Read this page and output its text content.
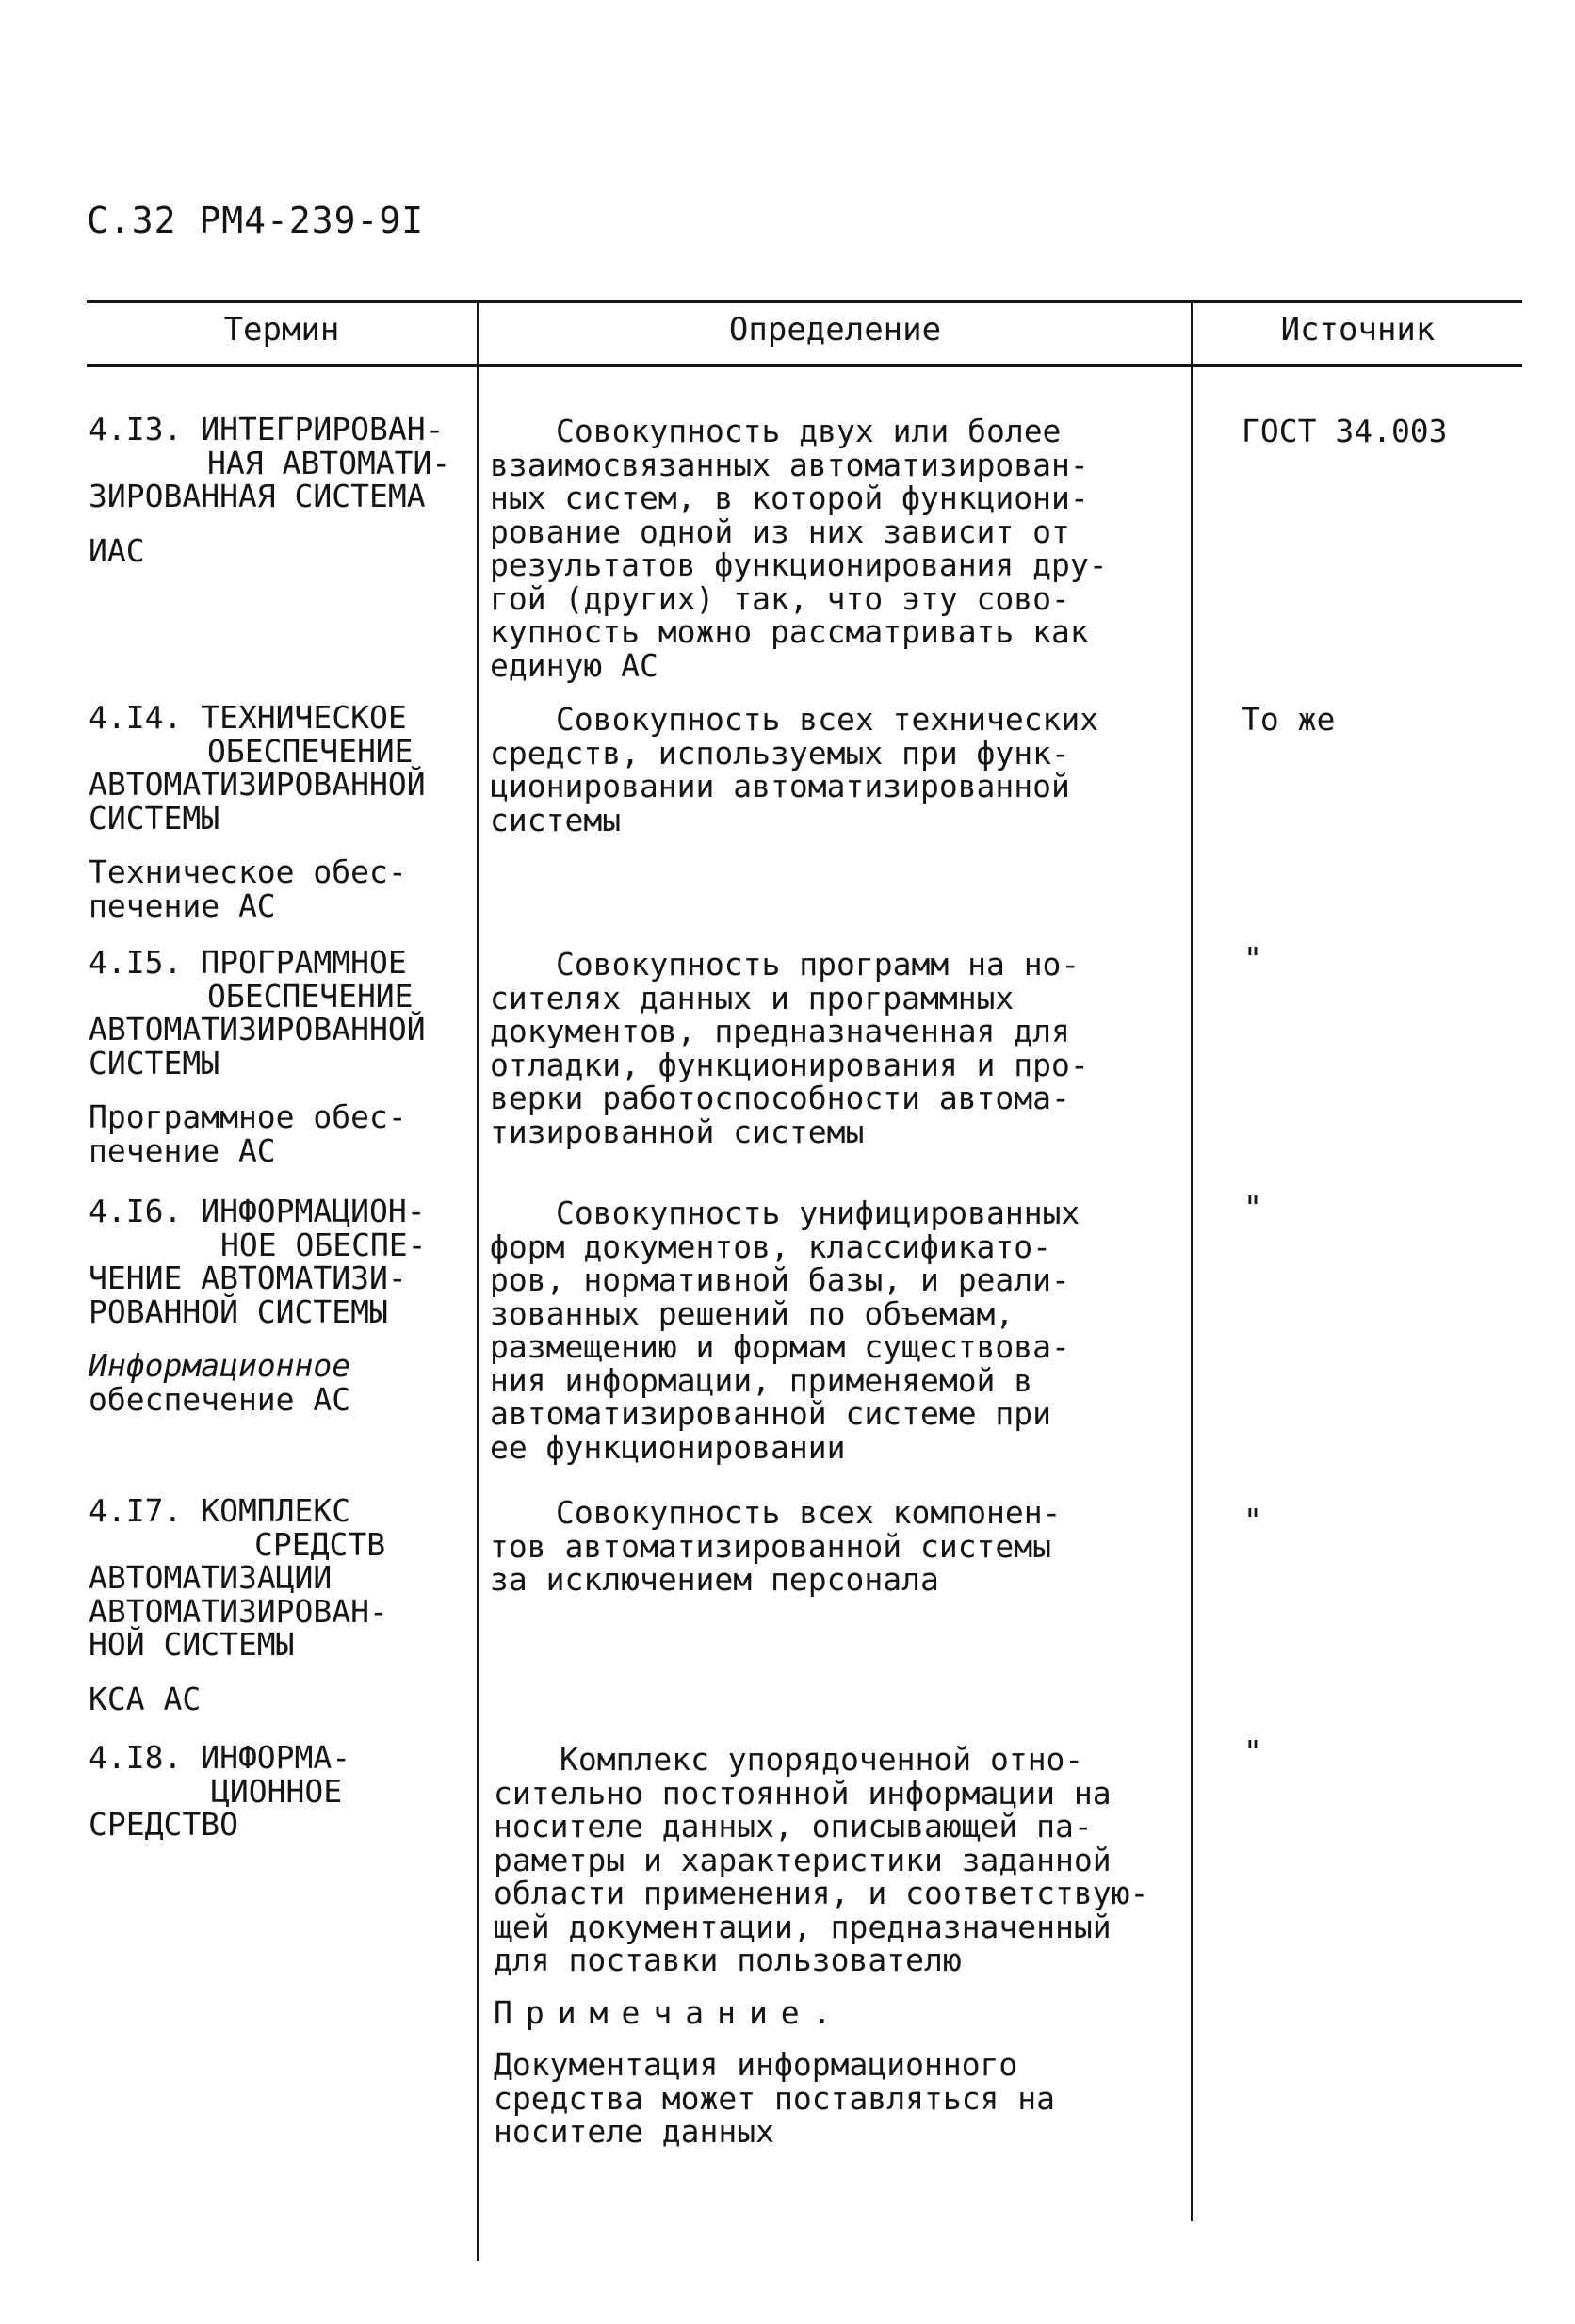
С.32 РМ4-239-9I
Термин	Определение	Источник
4.I3. ИНТЕГРИРОВАН-
НАЯ АВТОМАТИ-
ЗИРОВАННАЯ СИСТЕМА
ИАС
Совокупность двух или более
взаимосвязанных автоматизирован-
ных систем, в которой функциони-
рование одной из них зависит от
результатов функционирования дру-
гой (других) так, что эту сово-
купность можно рассматривать как
единую АС
ГОСТ 34.003
4.I4. ТЕХНИЧЕСКОЕ
ОБЕСПЕЧЕНИЕ
АВТОМАТИЗИРОВАННОЙ
СИСТЕМЫ
Техническое обес-
печение АС
Совокупность всех технических
средств, используемых при функ-
ционировании автоматизированной
системы
То же
4.I5. ПРОГРАММНОЕ
ОБЕСПЕЧЕНИЕ
АВТОМАТИЗИРОВАННОЙ
СИСТЕМЫ
Программное обес-
печение АС
Совокупность программ на но-
сителях данных и программных
документов, предназначенная для
отладки, функционирования и про-
верки работоспособности автома-
тизированной системы
"
4.I6. ИНФОРМАЦИОН-
НОЕ ОБЕСПЕ-
ЧЕНИЕ АВТОМАТИЗИ-
РОВАННОЙ СИСТЕМЫ
Информационное
обеспечение АС
Совокупность унифицированных
форм документов, классификато-
ров, нормативной базы, и реали-
зованных решений по объемам,
размещению и формам существова-
ния информации, применяемой в
автоматизированной системе при
ее функционировании
"
4.I7. КОМПЛЕКС
СРЕДСТВ
АВТОМАТИЗАЦИИ
АВТОМАТИЗИРОВАН-
НОЙ СИСТЕМЫ
КСА АС
Совокупность всех компонен-
тов автоматизированной системы
за исключением персонала
"
4.I8. ИНФОРМА-
ЦИОННОЕ
СРЕДСТВО
Комплекс упорядоченной отно-
сительно постоянной информации на
носителе данных, описывающей па-
раметры и характеристики заданной
области применения, и соответствую-
щей документации, предназначенный
для поставки пользователю
Примечание.
Документация информационного
средства может поставляться на
носителе данных
"
